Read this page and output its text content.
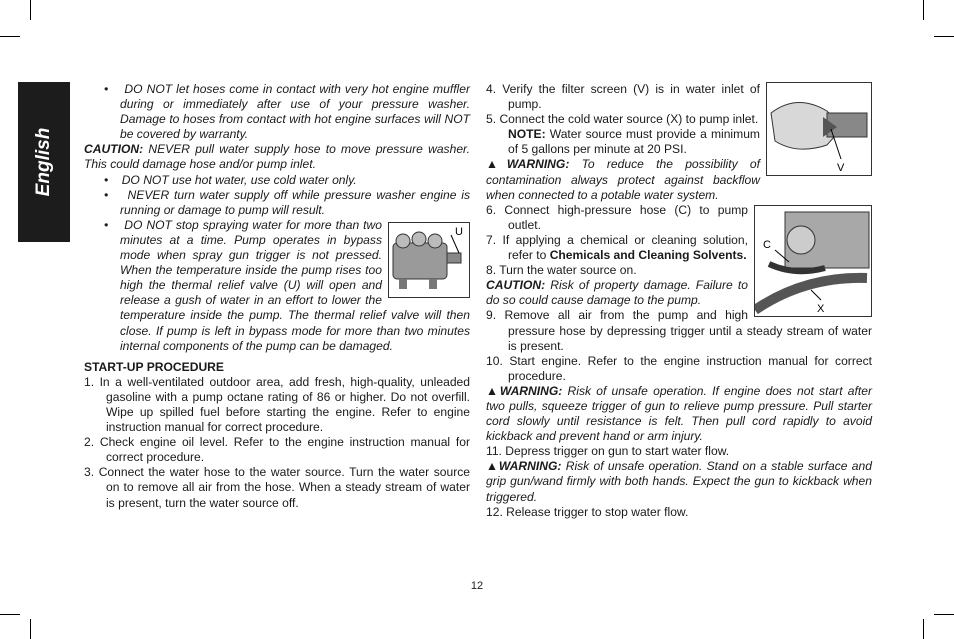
English

•    DO NOT let hoses come in contact with very hot engine muffler during or immediately after use of your pressure washer. Damage to hoses from contact with hot engine surfaces will NOT be covered by warranty.

CAUTION: NEVER pull water supply hose to move pressure washer. This could damage hose and/or pump inlet.

•    DO NOT use hot water, use cold water only.

•    NEVER turn water supply off while pressure washer engine is running or damage to pump will result.

U

•    DO NOT stop spraying water for more than two minutes at a time. Pump operates in bypass mode when spray gun trigger is not pressed. When the temperature inside the pump rises too high the thermal relief valve (U) will open and release a gush of water in an effort to lower the temperature inside the pump. The thermal relief valve will then close. If pump is left in bypass mode for more than two minutes internal components of the pump can be damaged.

START-UP PROCEDURE

1. In a well-ventilated outdoor area, add fresh, high-quality, unleaded gasoline with a pump octane rating of 86 or higher. Do not overfill. Wipe up spilled fuel before starting the engine. Refer to engine instruction manual for correct procedure.

2. Check engine oil level. Refer to the engine instruction manual for correct procedure.

3. Connect the water hose to the water source. Turn the water source on to remove all air from the hose. When a steady stream of water is present, turn the water source off.

V

4. Verify the filter screen (V) is in water inlet of pump.

5. Connect the cold water source (X) to pump inlet.

NOTE: Water source must provide a minimum of 5 gallons per minute at 20 PSI.

▲WARNING: To reduce the possibility of contamination always protect against backflow when connected to a potable water system.

C
X

6. Connect high-pressure hose (C) to pump outlet.

7. If applying a chemical or cleaning solution, refer to Chemicals and Cleaning Solvents.

8. Turn the water source on.

CAUTION: Risk of property damage. Failure to do so could cause damage to the pump.

9. Remove all air from the pump and high pressure hose by depressing trigger until a steady stream of water is present.

10. Start engine. Refer to the engine instruction manual for correct procedure.

▲WARNING: Risk of unsafe operation. If engine does not start after two pulls, squeeze trigger of gun to relieve pump pressure. Pull starter cord slowly until resistance is felt. Then pull cord rapidly to avoid kickback and prevent hand or arm injury.

11. Depress trigger on gun to start water flow.

▲WARNING: Risk of unsafe operation. Stand on a stable surface and grip gun/wand firmly with both hands. Expect the gun to kickback when triggered.

12. Release trigger to stop water flow.

12
